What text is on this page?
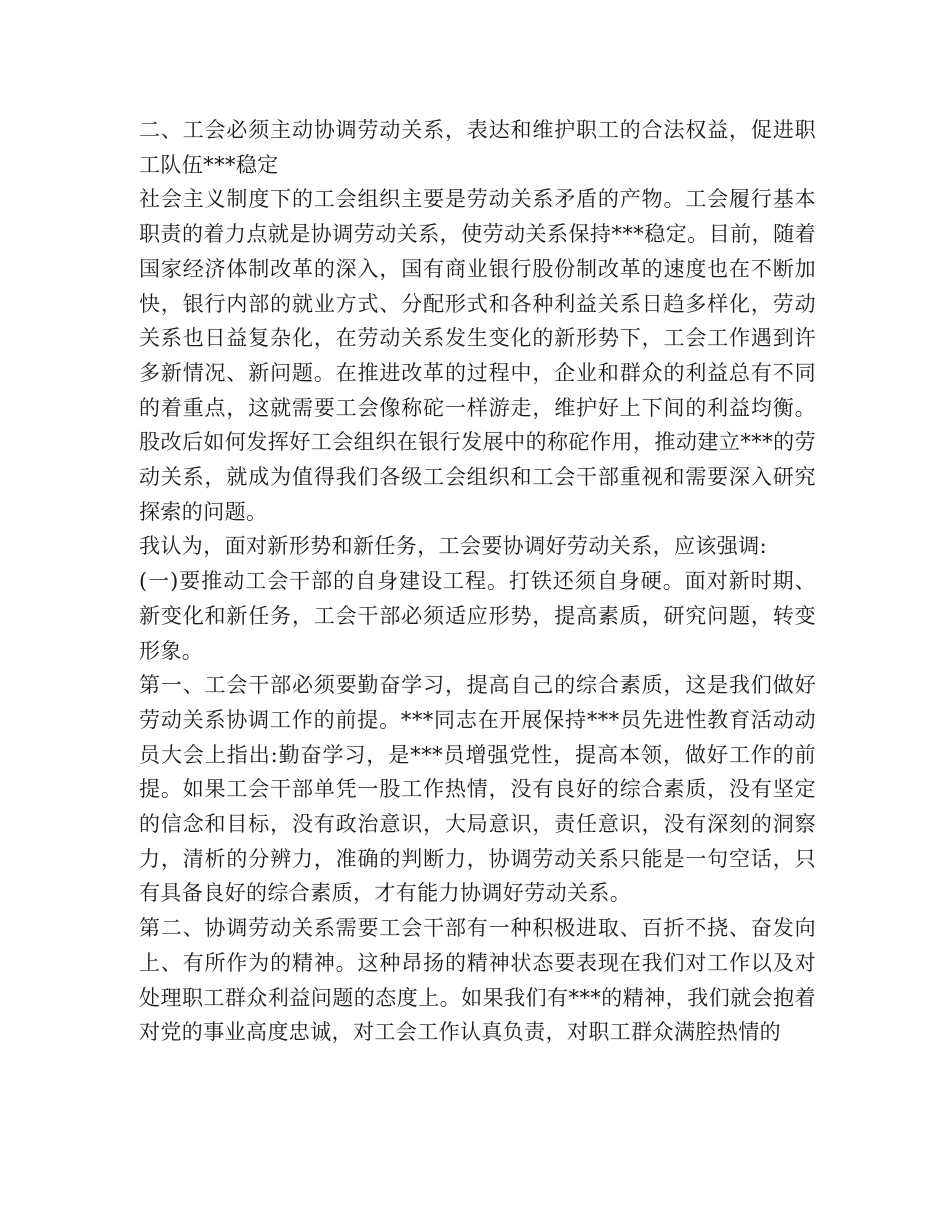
二、工会必须主动协调劳动关系，表达和维护职工的合法权益，促进职工队伍***稳定

社会主义制度下的工会组织主要是劳动关系矛盾的产物。工会履行基本职责的着力点就是协调劳动关系，使劳动关系保持***稳定。目前，随着国家经济体制改革的深入，国有商业银行股份制改革的速度也在不断加快，银行内部的就业方式、分配形式和各种利益关系日趋多样化，劳动关系也日益复杂化，在劳动关系发生变化的新形势下，工会工作遇到许多新情况、新问题。在推进改革的过程中，企业和群众的利益总有不同的着重点，这就需要工会像称砣一样游走，维护好上下间的利益均衡。股改后如何发挥好工会组织在银行发展中的称砣作用，推动建立***的劳动关系，就成为值得我们各级工会组织和工会干部重视和需要深入研究探索的问题。

我认为，面对新形势和新任务，工会要协调好劳动关系，应该强调:

(一)要推动工会干部的自身建设工程。打铁还须自身硬。面对新时期、新变化和新任务，工会干部必须适应形势，提高素质，研究问题，转变形象。

第一、工会干部必须要勤奋学习，提高自己的综合素质，这是我们做好劳动关系协调工作的前提。***同志在开展保持***员先进性教育活动动员大会上指出:勤奋学习，是***员增强党性，提高本领，做好工作的前提。如果工会干部单凭一股工作热情，没有良好的综合素质，没有坚定的信念和目标，没有政治意识，大局意识，责任意识，没有深刻的洞察力，清析的分辨力，准确的判断力，协调劳动关系只能是一句空话，只有具备良好的综合素质，才有能力协调好劳动关系。

第二、协调劳动关系需要工会干部有一种积极进取、百折不挠、奋发向上、有所作为的精神。这种昂扬的精神状态要表现在我们对工作以及对处理职工群众利益问题的态度上。如果我们有***的精神，我们就会抱着对党的事业高度忠诚，对工会工作认真负责，对职工群众满腔热情的
